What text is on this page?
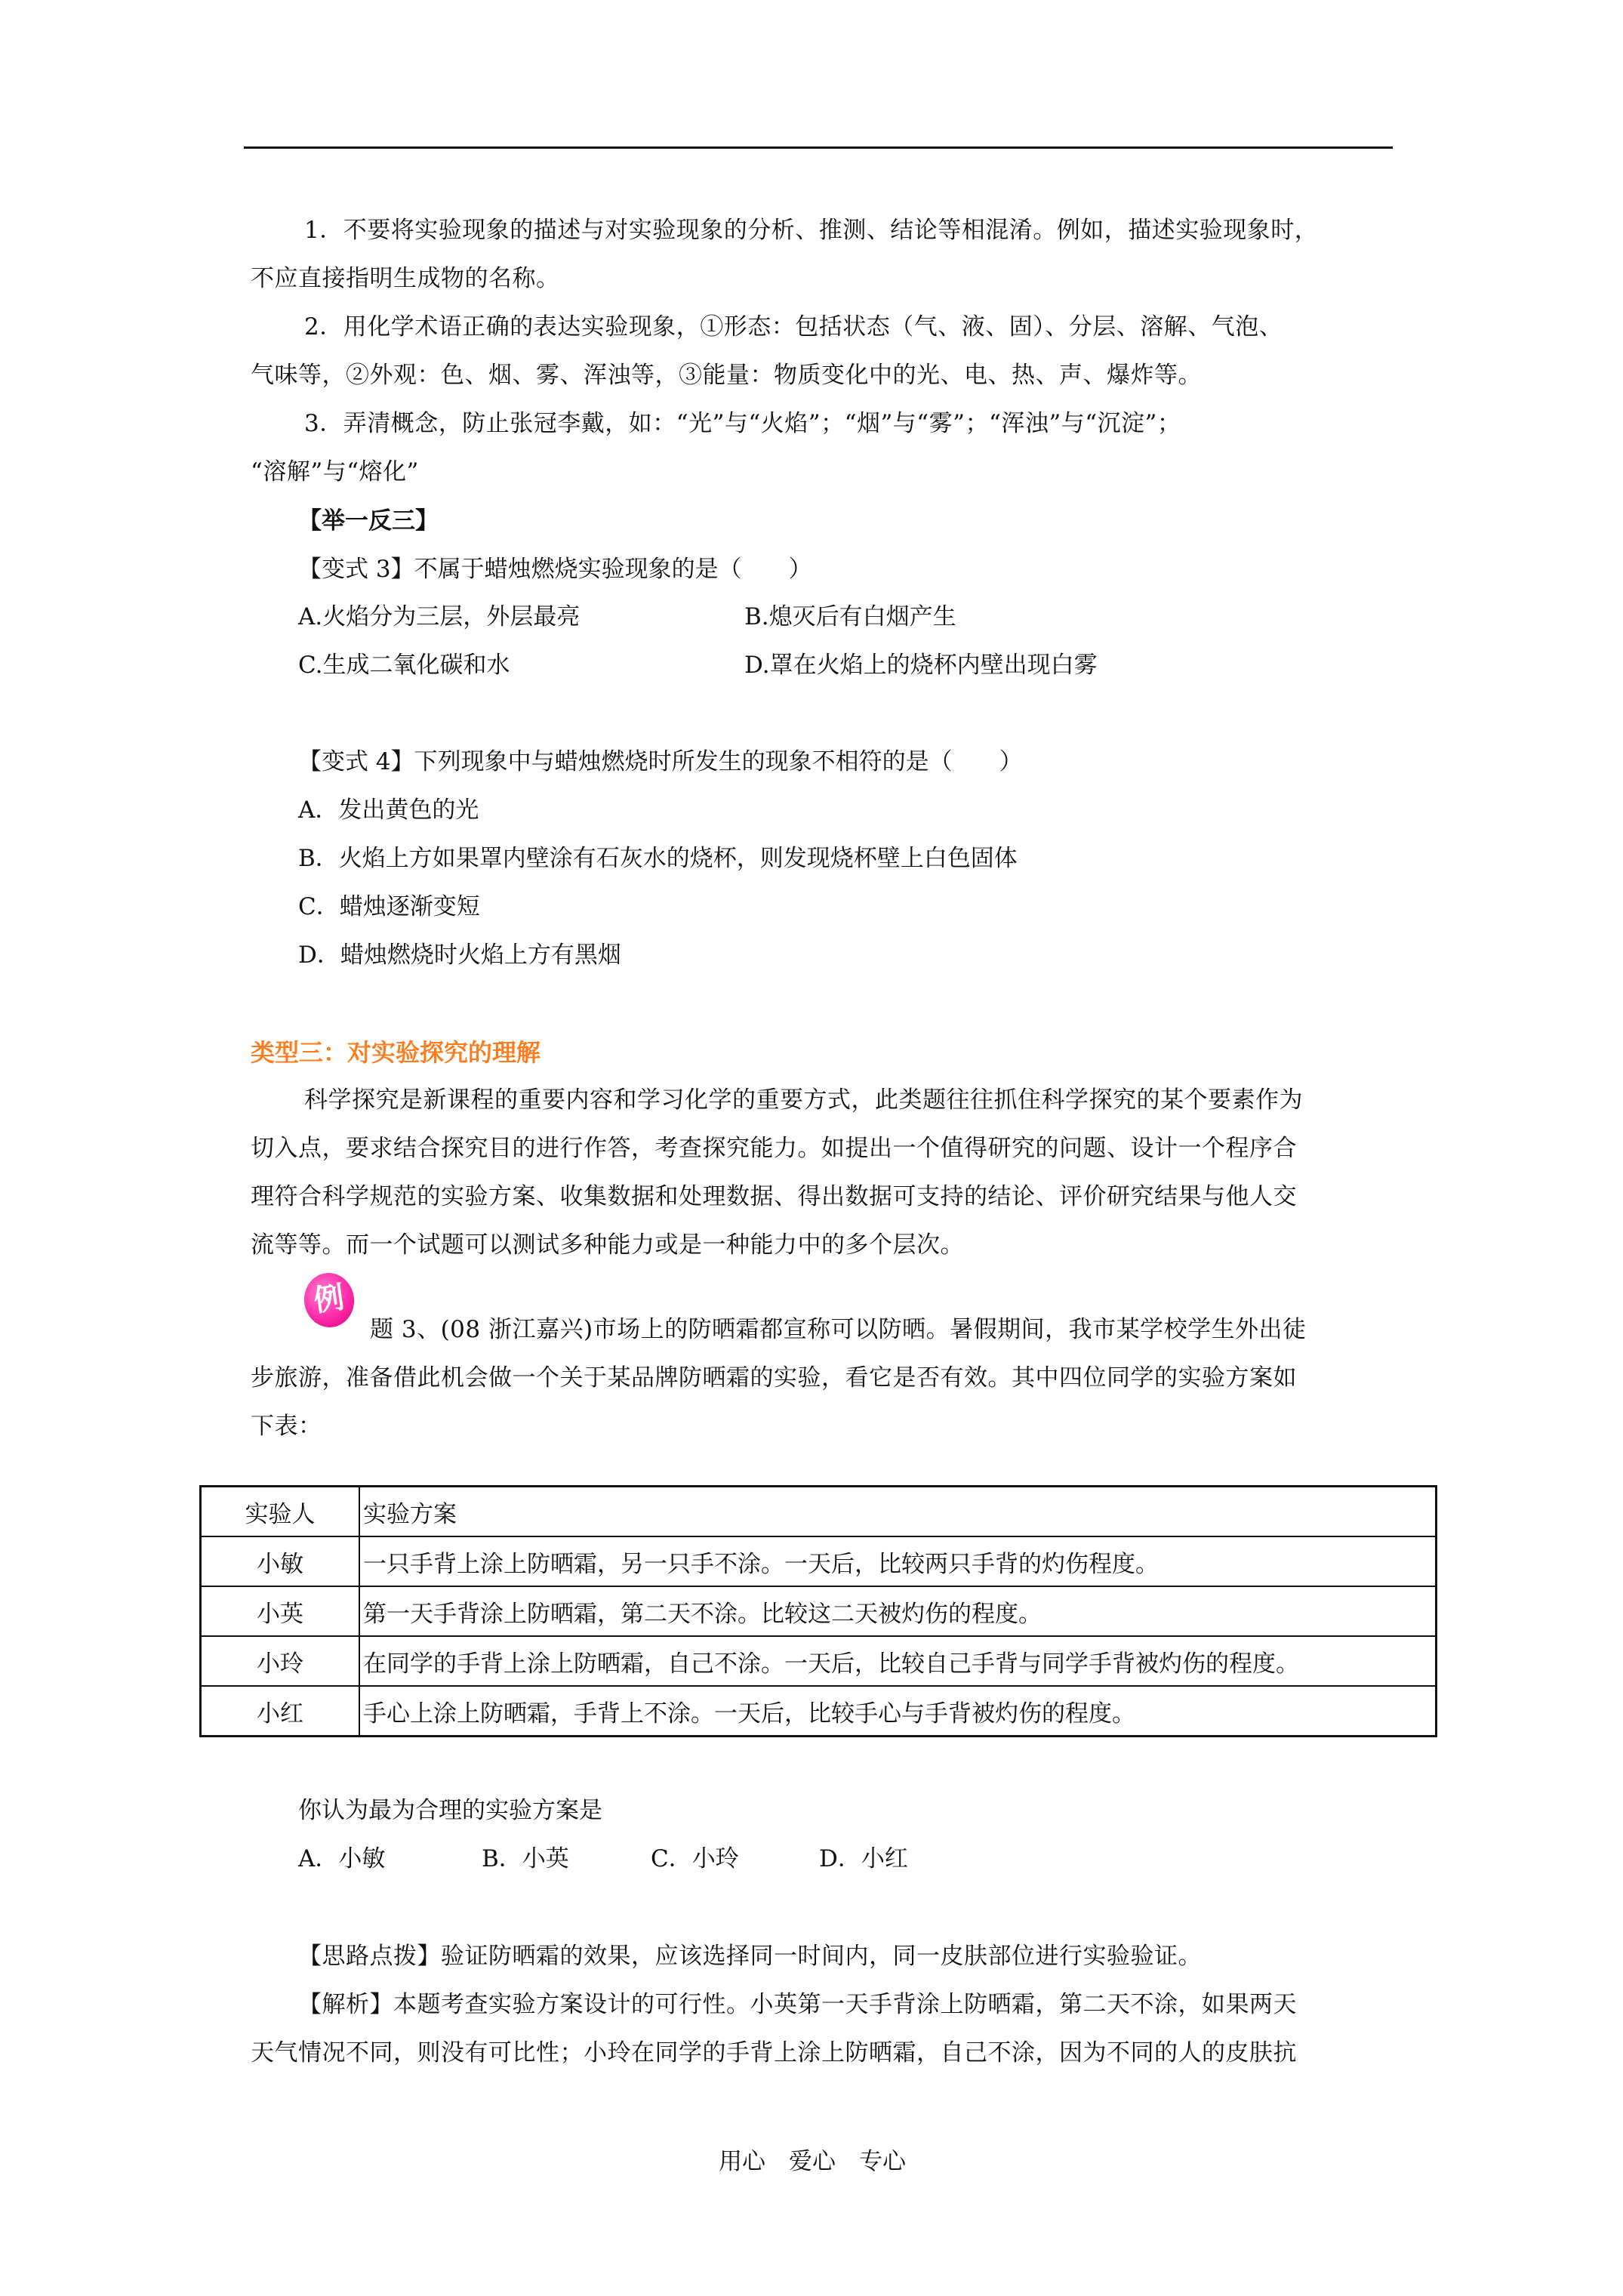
1．不要将实验现象的描述与对实验现象的分析、推测、结论等相混淆。例如，描述实验现象时，
不应直接指明生成物的名称。
2．用化学术语正确的表达实验现象，①形态：包括状态（气、液、固）、分层、溶解、气泡、
气味等，②外观：色、烟、雾、浑浊等，③能量：物质变化中的光、电、热、声、爆炸等。
3．弄清概念，防止张冠李戴，如：“光”与“火焰”；“烟”与“雾”；“浑浊”与“沉淀”；
“溶解”与“熔化”
【举一反三】
【变式 3】不属于蜡烛燃烧实验现象的是（　　）
A.火焰分为三层，外层最亮	B.熄灭后有白烟产生
C.生成二氧化碳和水	D.罩在火焰上的烧杯内壁出现白雾
【变式 4】下列现象中与蜡烛燃烧时所发生的现象不相符的是（　　）
A．发出黄色的光
B．火焰上方如果罩内壁涂有石灰水的烧杯，则发现烧杯壁上白色固体
C．蜡烛逐渐变短
D．蜡烛燃烧时火焰上方有黑烟
类型三：对实验探究的理解
科学探究是新课程的重要内容和学习化学的重要方式，此类题往往抓住科学探究的某个要素作为
切入点，要求结合探究目的进行作答，考查探究能力。如提出一个值得研究的问题、设计一个程序合
理符合科学规范的实验方案、收集数据和处理数据、得出数据可支持的结论、评价研究结果与他人交
流等等。而一个试题可以测试多种能力或是一种能力中的多个层次。
例
题 3、(08 浙江嘉兴)市场上的防晒霜都宣称可以防晒。暑假期间，我市某学校学生外出徒
步旅游，准备借此机会做一个关于某品牌防晒霜的实验，看它是否有效。其中四位同学的实验方案如
下表：
实验人	实验方案
小敏	一只手背上涂上防晒霜，另一只手不涂。一天后，比较两只手背的灼伤程度。
小英	第一天手背涂上防晒霜，第二天不涂。比较这二天被灼伤的程度。
小玲	在同学的手背上涂上防晒霜，自己不涂。一天后，比较自己手背与同学手背被灼伤的程度。
小红	手心上涂上防晒霜，手背上不涂。一天后，比较手心与手背被灼伤的程度。
你认为最为合理的实验方案是
A．小敏	B．小英	C．小玲	D．小红
【思路点拨】验证防晒霜的效果，应该选择同一时间内，同一皮肤部位进行实验验证。
【解析】本题考查实验方案设计的可行性。小英第一天手背涂上防晒霜，第二天不涂，如果两天
天气情况不同，则没有可比性；小玲在同学的手背上涂上防晒霜，自己不涂，因为不同的人的皮肤抗
用心　爱心　专心
